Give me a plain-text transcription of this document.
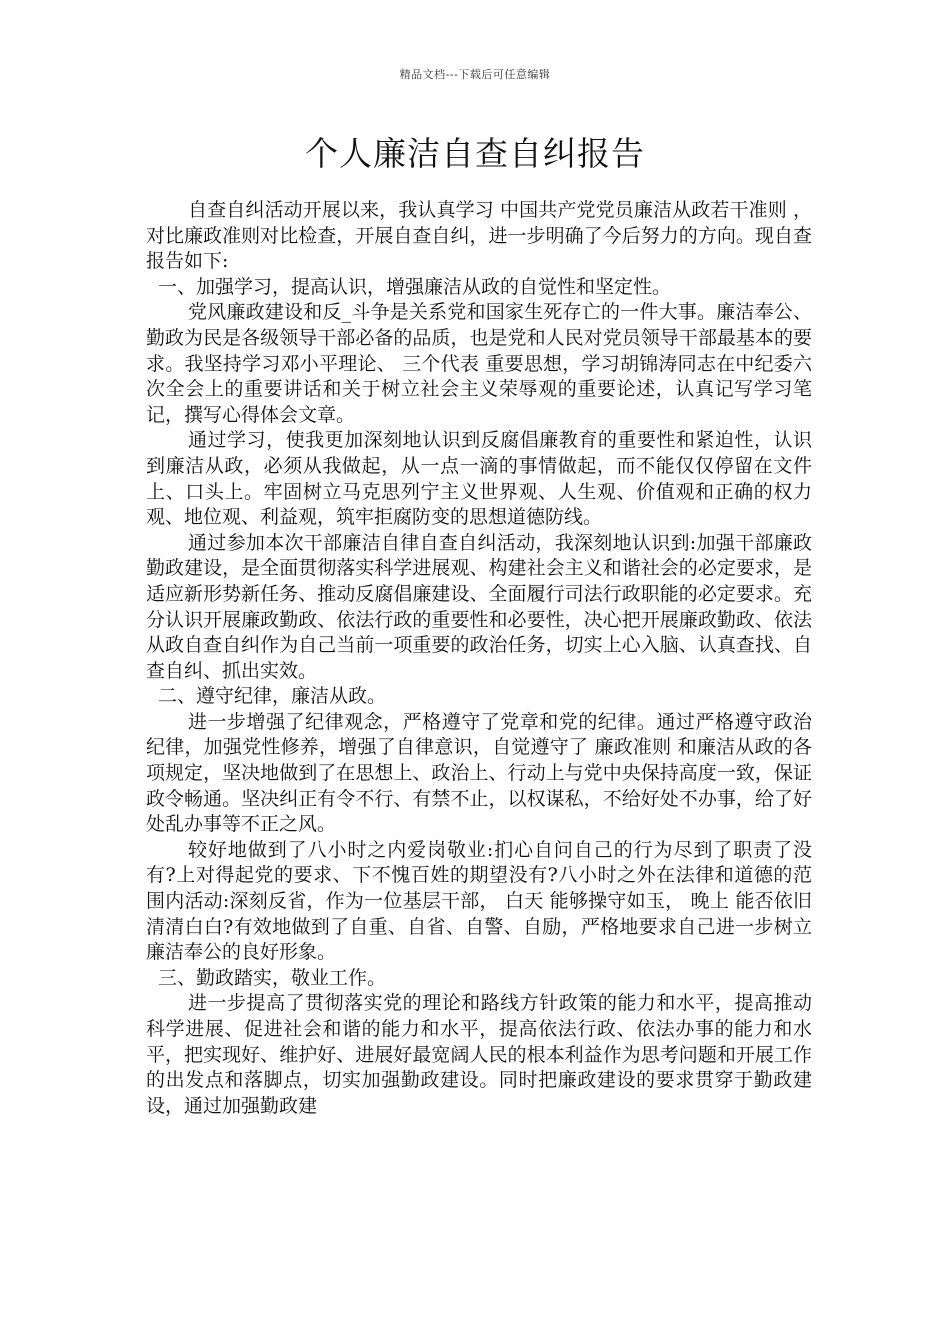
精品文档---下载后可任意编辑
个人廉洁自查自纠报告

自查自纠活动开展以来，我认真学习 中国共产党党员廉洁从政若干准则 ，对比廉政准则对比检查，开展自查自纠，进一步明确了今后努力的方向。现自查报告如下:

一、加强学习，提高认识，增强廉洁从政的自觉性和坚定性。

党风廉政建设和反_斗争是关系党和国家生死存亡的一件大事。廉洁奉公、勤政为民是各级领导干部必备的品质，也是党和人民对党员领导干部最基本的要求。我坚持学习邓小平理论、 三个代表 重要思想，学习胡锦涛同志在中纪委六次全会上的重要讲话和关于树立社会主义荣辱观的重要论述，认真记写学习笔记，撰写心得体会文章。

通过学习，使我更加深刻地认识到反腐倡廉教育的重要性和紧迫性，认识到廉洁从政，必须从我做起，从一点一滴的事情做起，而不能仅仅停留在文件上、口头上。牢固树立马克思列宁主义世界观、人生观、价值观和正确的权力观、地位观、利益观，筑牢拒腐防变的思想道德防线。

通过参加本次干部廉洁自律自查自纠活动，我深刻地认识到:加强干部廉政勤政建设，是全面贯彻落实科学进展观、构建社会主义和谐社会的必定要求，是适应新形势新任务、推动反腐倡廉建设、全面履行司法行政职能的必定要求。充分认识开展廉政勤政、依法行政的重要性和必要性，决心把开展廉政勤政、依法从政自查自纠作为自己当前一项重要的政治任务，切实上心入脑、认真查找、自查自纠、抓出实效。

二、遵守纪律，廉洁从政。

进一步增强了纪律观念，严格遵守了党章和党的纪律。通过严格遵守政治纪律，加强党性修养，增强了自律意识，自觉遵守了 廉政准则 和廉洁从政的各项规定，坚决地做到了在思想上、政治上、行动上与党中央保持高度一致，保证政令畅通。坚决纠正有令不行、有禁不止，以权谋私，不给好处不办事，给了好处乱办事等不正之风。

较好地做到了八小时之内爱岗敬业:扪心自问自己的行为尽到了职责了没有?上对得起党的要求、下不愧百姓的期望没有?八小时之外在法律和道德的范围内活动:深刻反省，作为一位基层干部， 白天 能够操守如玉， 晚上 能否依旧清清白白?有效地做到了自重、自省、自警、自励，严格地要求自己进一步树立廉洁奉公的良好形象。

三、勤政踏实，敬业工作。

进一步提高了贯彻落实党的理论和路线方针政策的能力和水平，提高推动科学进展、促进社会和谐的能力和水平，提高依法行政、依法办事的能力和水平，把实现好、维护好、进展好最宽阔人民的根本利益作为思考问题和开展工作的出发点和落脚点，切实加强勤政建设。同时把廉政建设的要求贯穿于勤政建设，通过加强勤政建
